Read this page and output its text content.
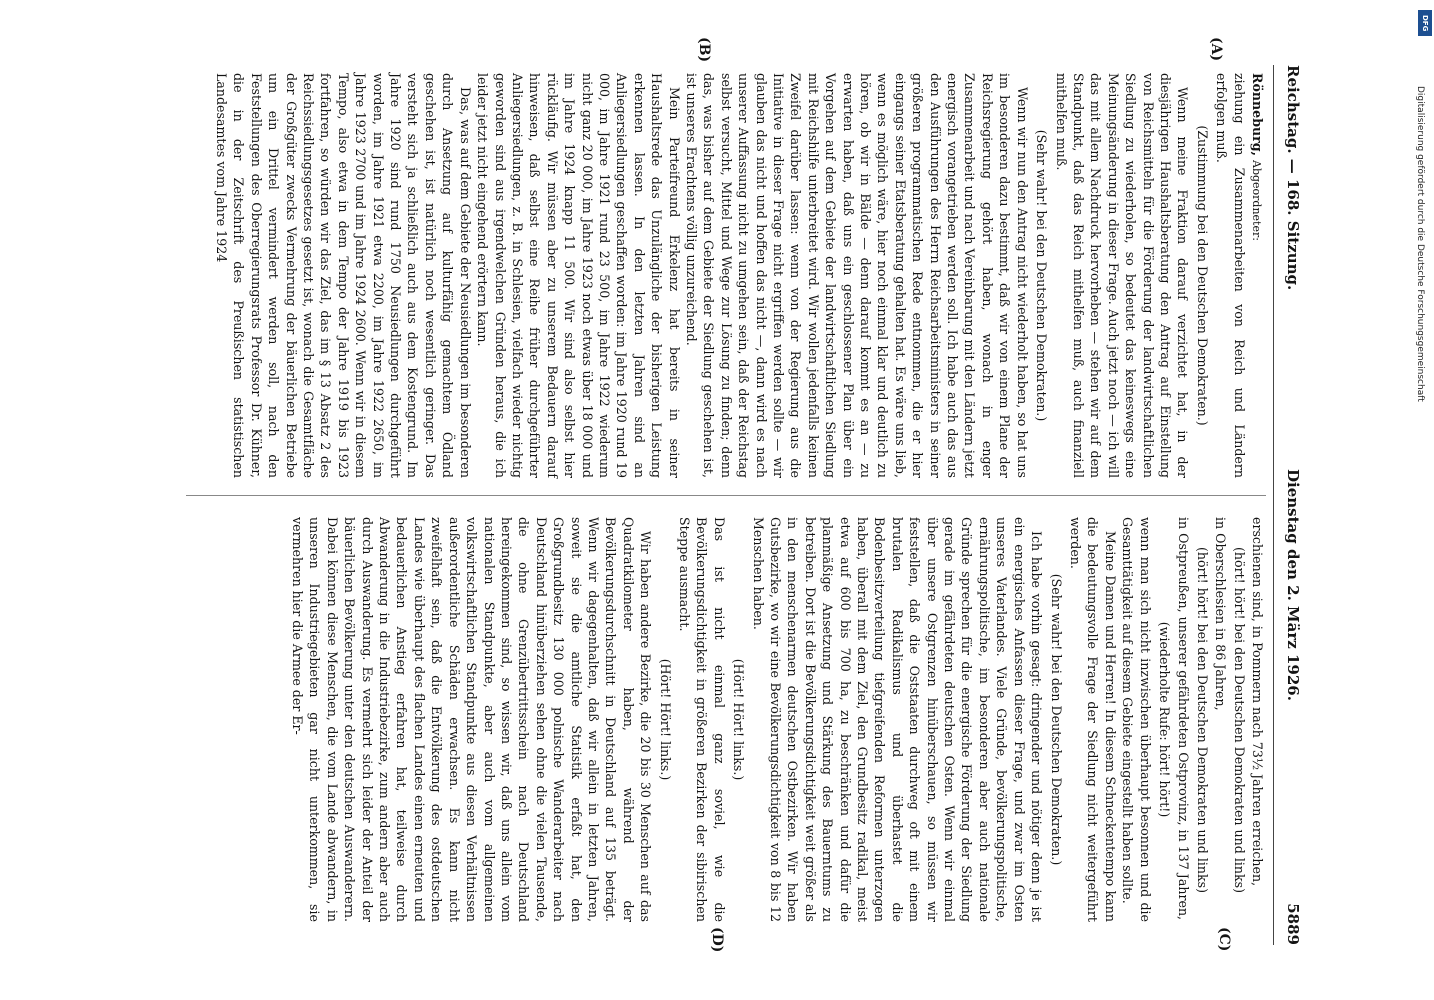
Reichstag. — 168. Sitzung.
Dienstag den 2. März 1926.
5889
(A)
(B)
(C)
(D)

Rönneburg, Abgeordneter:

ziehung ein Zusammenarbeiten von Reich und Ländern erfolgen muß.

(Zustimmung bei den Deutschen Demokraten.)

Wenn meine Fraktion darauf verzichtet hat, in der diesjährigen Haushaltsberatung den Antrag auf Einstellung von Reichsmitteln für die Förderung der landwirtschaftlichen Siedlung zu wiederholen, so bedeutet das keineswegs eine Meinungsänderung in dieser Frage. Auch jetzt noch — ich will das mit allem Nachdruck hervorheben — stehen wir auf dem Standpunkt, daß das Reich mithelfen muß, auch finanziell mithelfen muß.

(Sehr wahr! bei den Deutschen Demokraten.)

Wenn wir nun den Antrag nicht wiederholt haben, so hat uns im besonderen dazu bestimmt, daß wir von einem Plane der Reichsregierung gehört haben, wonach in enger Zusammenarbeit und nach Vereinbarung mit den Ländern jetzt energisch vorangetrieben werden soll. Ich habe auch das aus den Ausführungen des Herrn Reichsarbeitsministers in seiner größeren programmatischen Rede entnommen, die er hier eingangs seiner Etatsberatung gehalten hat. Es wäre uns lieb, wenn es möglich wäre, hier noch einmal klar und deutlich zu hören, ob wir in Bälde — denn darauf kommt es an — zu erwarten haben, daß uns ein geschlossener Plan über ein Vorgehen auf dem Gebiete der landwirtschaftlichen Siedlung mit Reichshilfe unterbreitet wird. Wir wollen jedenfalls keinen Zweifel darüber lassen: wenn von der Regierung aus die Initiative in dieser Frage nicht ergriffen werden sollte — wir glauben das nicht und hoffen das nicht —, dann wird es nach unserer Auffassung nicht zu umgehen sein, daß der Reichstag selbst versucht, Mittel und Wege zur Lösung zu finden; denn das, was bisher auf dem Gebiete der Siedlung geschehen ist, ist unseres Erachtens völlig unzureichend.

Mein Parteifreund Erkelenz hat bereits in seiner Haushaltsrede das Unzulängliche der bisherigen Leistung erkennen lassen. In den letzten Jahren sind an Anliegersiedlungen geschaffen worden: im Jahre 1920 rund 19 000, im Jahre 1921 rund 23 500, im Jahre 1922 wiederum nicht ganz 20 000, im Jahre 1923 noch etwas über 18 000 und im Jahre 1924 knapp 11 500. Wir sind also selbst hier rückläufig. Wir müssen aber zu unserem Bedauern darauf hinweisen, daß selbst eine Reihe früher durchgeführter Anliegersiedlungen, z. B. in Schlesien, vielfach wieder nichtig geworden sind aus irgendwelchen Gründen heraus, die ich leider jetzt nicht eingehend erörtern kann.

Das, was auf dem Gebiete der Neusiedlungen im besonderen durch Ansetzung auf kulturfähig gemachtem Ödland geschehen ist, ist natürlich noch wesentlich geringer. Das versteht sich ja schließlich auch aus dem Kostengrund. Im Jahre 1920 sind rund 1750 Neusiedlungen durchgeführt worden, im Jahre 1921 etwa 2200, im Jahre 1922 2650, im Jahre 1923 2700 und im Jahre 1924 2600. Wenn wir in diesem Tempo, also etwa in dem Tempo der Jahre 1919 bis 1923 fortfahren, so würden wir das Ziel, das im § 13 Absatz 2 des Reichssiedlungsgesetzes gesetzt ist, wonach die Gesamtfläche der Großgüter zwecks Vermehrung der bäuerlichen Betriebe um ein Drittel vermindert werden soll, nach den Feststellungen des Oberregierungsrats Professor Dr. Kühner, die in der Zeitschrift des Preußischen statistischen Landesamtes vom Jahre 1924

erschienen sind, in Pommern nach 73½ Jahren erreichen,

(hört! hört! bei den Deutschen Demokraten und links)

in Oberschlesien in 86 Jahren,

(hört! hört! bei den Deutschen Demokraten und links)

in Ostpreußen, unserer gefährdeten Ostprovinz, in 137 Jahren,

(wiederholte Rufe: hört! hört!)

wenn man sich nicht inzwischen überhaupt besonnen und die Gesamttätigkeit auf diesem Gebiete eingestellt haben sollte.

Meine Damen und Herren! In diesem Schneckentempo kann die bedeutungsvolle Frage der Siedlung nicht weitergeführt werden.

(Sehr wahr! bei den Deutschen Demokraten.)

Ich habe vorhin gesagt: dringender und nötiger denn je ist ein energisches Anfassen dieser Frage, und zwar im Osten unseres Vaterlandes. Viele Gründe, bevölkerungspolitische, ernährungspolitische, im besonderen aber auch nationale Gründe sprechen für die energische Förderung der Siedlung gerade im gefährdeten deutschen Osten. Wenn wir einmal über unsere Ostgrenzen hinüberschauen, so müssen wir feststellen, daß die Oststaaten durchweg oft mit einem brutalen Radikalismus und überhastet die Bodenbesitzverteilung tiefgreifenden Reformen unterzogen haben, überall mit dem Ziel, den Grundbesitz radikal, meist etwa auf 600 bis 700 ha, zu beschränken und dafür die planmäßige Ansetzung und Stärkung des Bauerntums zu betreiben. Dort ist die Bevölkerungsdichtigkeit weit größer als in den menschenarmen deutschen Ostbezirken. Wir haben Gutsbezirke, wo wir eine Bevölkerungsdichtigkeit von 8 bis 12 Menschen haben.

(Hört! Hört! links.)

Das ist nicht einmal ganz soviel, wie die Bevölkerungsdichtigkeit in größeren Bezirken der sibirischen Steppe ausmacht.

(Hört! Hört! links.)

Wir haben andere Bezirke, die 20 bis 30 Menschen auf das Quadratkilometer haben, während der Bevölkerungsdurchschnitt in Deutschland auf 135 beträgt. Wenn wir dagegenhalten, daß wir allein in letzten Jahren, soweit sie die amtliche Statistik erfaßt hat, den Großgrundbesitz 130 000 polnische Wanderarbeiter nach Deutschland hinüberziehen sehen ohne die vielen Tausende, die ohne Grenzübertrittsschein nach Deutschland hereingekommen sind, so wissen wir, daß uns allein vom nationalen Standpunkte, aber auch vom allgemeinen volkswirtschaftlichen Standpunkte aus diesen Verhältnissen außerordentliche Schäden erwachsen. Es kann nicht zweifelhaft sein, daß die Entvölkerung des ostdeutschen Landes wie überhaupt des flachen Landes einen erneuten und bedauerlichen Anstieg erfahren hat, teilweise durch Abwanderung in die Industriebezirke, zum andern aber auch durch Auswanderung. Es vermehrt sich leider der Anteil der bäuerlichen Bevölkerung unter den deutschen Auswanderern. Dabei können diese Menschen, die vom Lande abwandern, in unseren Industriegebieten gar nicht unterkommen, sie vermehren hier die Armee der Er-

Digitalisierung gefördert durch die Deutsche Forschungsgemeinschaft
DFG
